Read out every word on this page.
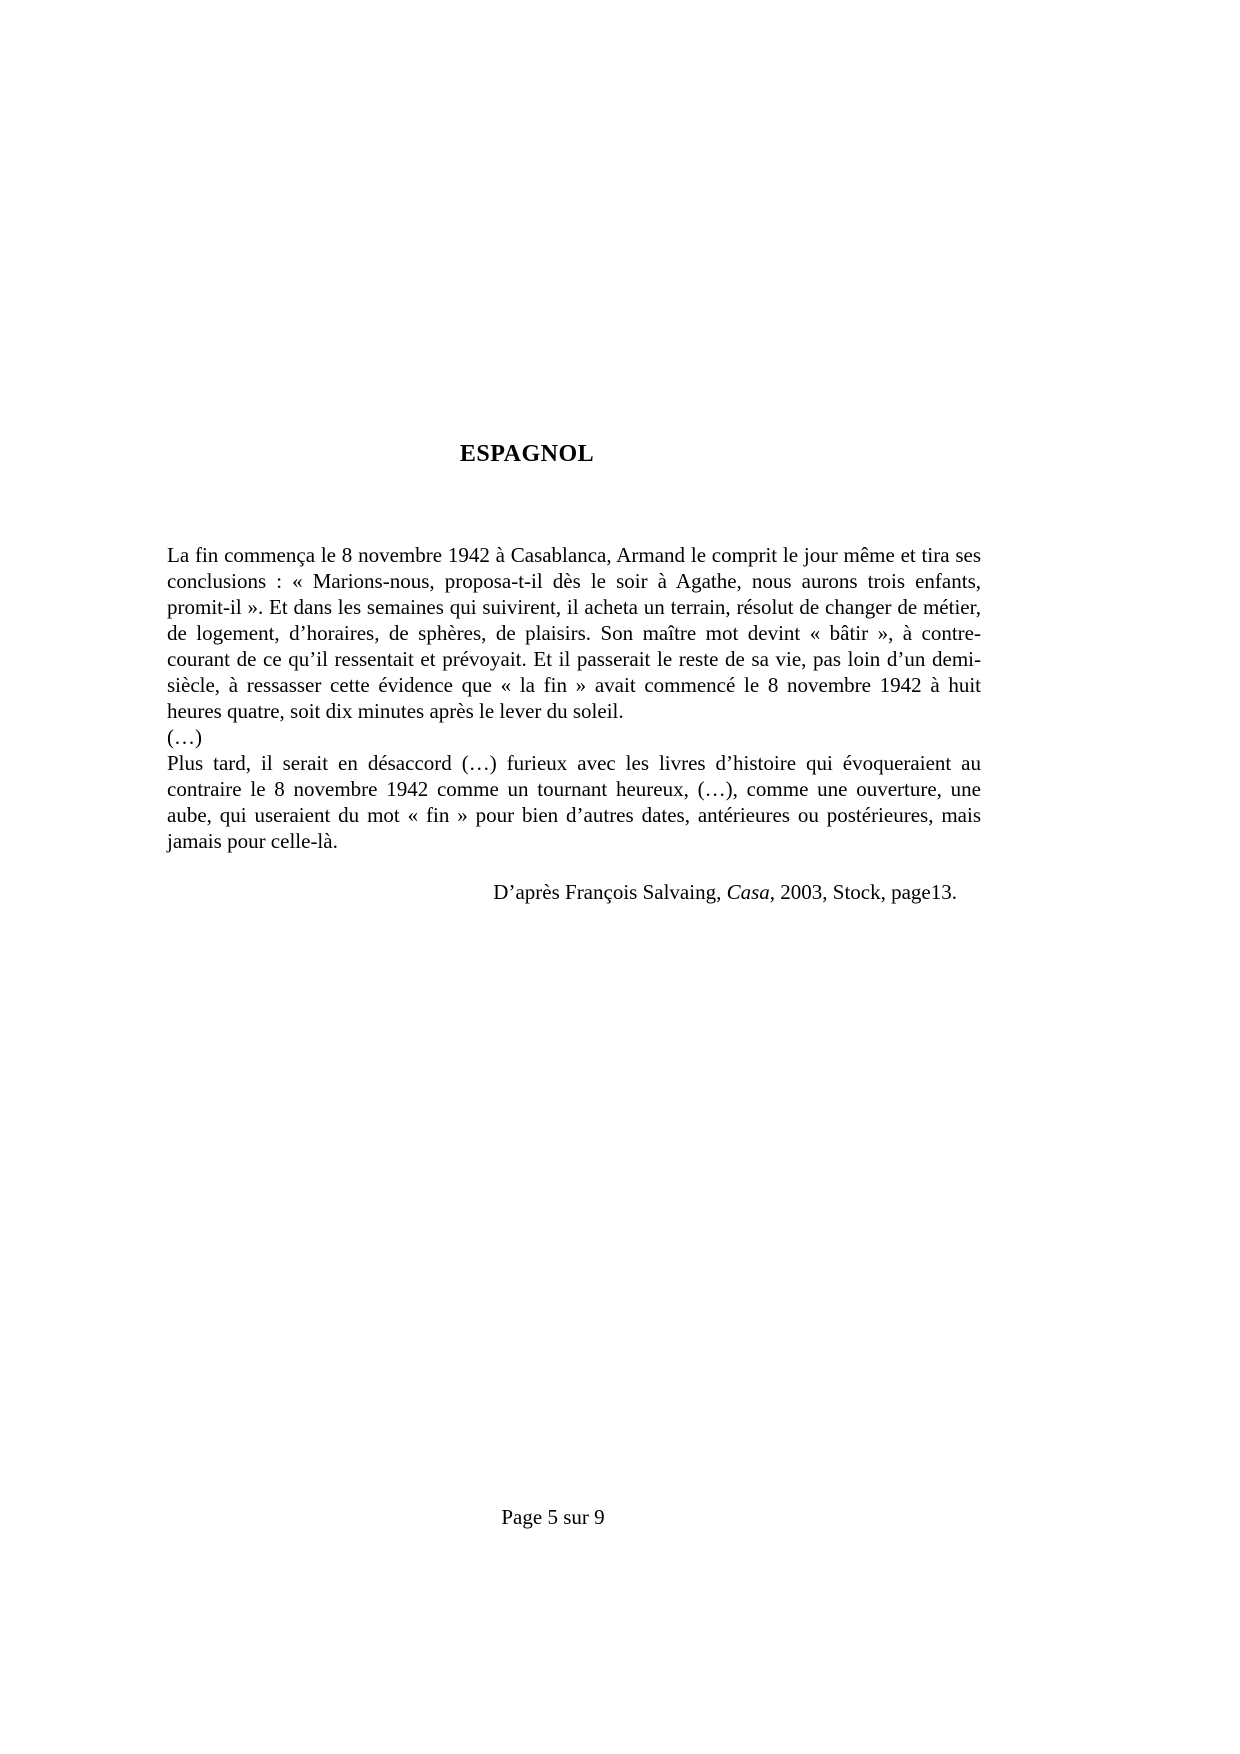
ESPAGNOL

La fin commença le 8 novembre 1942 à Casablanca, Armand le comprit le jour même et tira ses conclusions : « Marions-nous, proposa-t-il dès le soir à Agathe, nous aurons trois enfants, promit-il ». Et dans les semaines qui suivirent, il acheta un terrain, résolut de changer de métier, de logement, d’horaires, de sphères, de plaisirs. Son maître mot devint « bâtir », à contre-courant de ce qu’il ressentait et prévoyait. Et il passerait le reste de sa vie, pas loin d’un demi-siècle, à ressasser cette évidence que « la fin » avait commencé le 8 novembre 1942 à huit heures quatre, soit dix minutes après le lever du soleil.

(…)

Plus tard, il serait en désaccord (…) furieux avec les livres d’histoire qui évoqueraient au contraire le 8 novembre 1942 comme un tournant heureux, (…), comme une ouverture, une aube, qui useraient du mot « fin » pour bien d’autres dates, antérieures ou postérieures, mais jamais pour celle-là.

D’après François Salvaing, Casa, 2003, Stock, page13.
Page 5 sur 9
